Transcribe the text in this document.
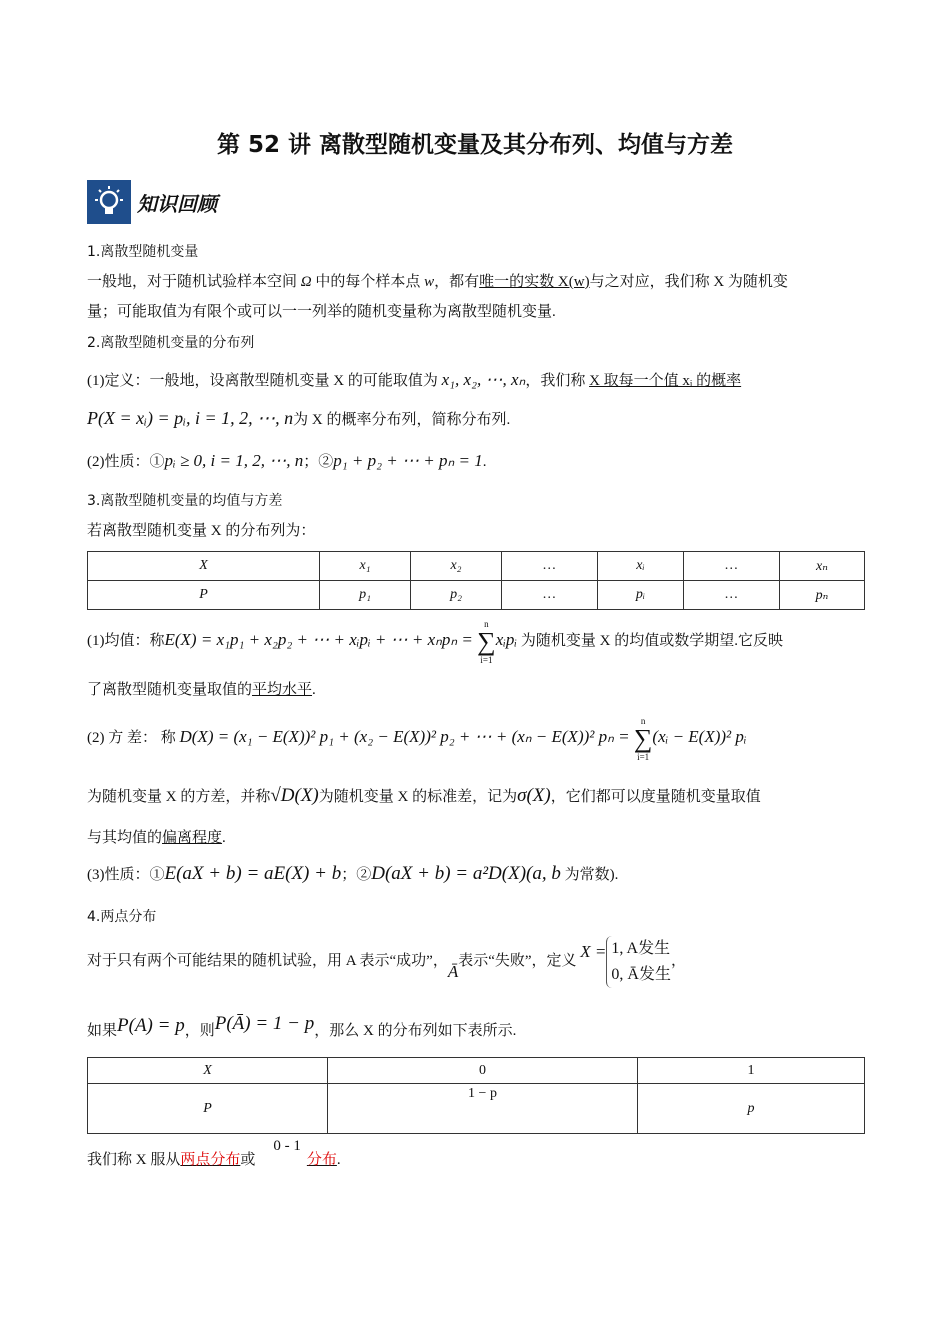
第 52 讲 离散型随机变量及其分布列、均值与方差
知识回顾
1.离散型随机变量
一般地，对于随机试验样本空间 Ω 中的每个样本点 w，都有唯一的实数 X(w)与之对应，我们称 X 为随机变
量；可能取值为有限个或可以一一列举的随机变量称为离散型随机变量.
2.离散型随机变量的分布列
(1)定义：一般地，设离散型随机变量 X 的可能取值为 x₁, x₂, ⋯, xₙ，我们称 X 取每一个值 xᵢ 的概率
P(X = xᵢ) = pᵢ, i = 1, 2, ⋯, n为 X 的概率分布列，简称分布列.
(2)性质：①pᵢ ≥ 0, i = 1, 2, ⋯, n；②p₁ + p₂ + ⋯ + pₙ = 1.
3.离散型随机变量的均值与方差
若离散型随机变量 X 的分布列为：
X	x₁	x₂	…	xᵢ	…	xₙ
P	p₁	p₂	…	pᵢ	…	pₙ
(1)均值：称E(X) = x₁p₁ + x₂p₂ + ⋯ + xᵢpᵢ + ⋯ + xₙpₙ = n
∑
i=1xᵢpᵢ 为随机变量 X 的均值或数学期望.它反映
了离散型随机变量取值的平均水平.
(2) 方 差： 称 D(X) = (x₁ − E(X))² p₁ + (x₂ − E(X))² p₂ + ⋯ + (xₙ − E(X))² pₙ = n
∑
i=1(xᵢ − E(X))² pᵢ
为随机变量 X 的方差，并称√D(X)为随机变量 X 的标准差，记为σ(X)，它们都可以度量随机变量取值
与其均值的偏离程度.
(3)性质：①E(aX + b) = aE(X) + b；②D(aX + b) = a²D(X)(a, b 为常数).
4.两点分布
对于只有两个可能结果的随机试验，用 A 表示“成功”，Ā表示“失败”，定义 X = 1, A发生
0, Ā发生
，
如果P(A) = p，则P(Ā) = 1 − p，那么 X 的分布列如下表所示.
X	0	1
P	1 − p	p
我们称 X 服从两点分布或0 - 1分布.
